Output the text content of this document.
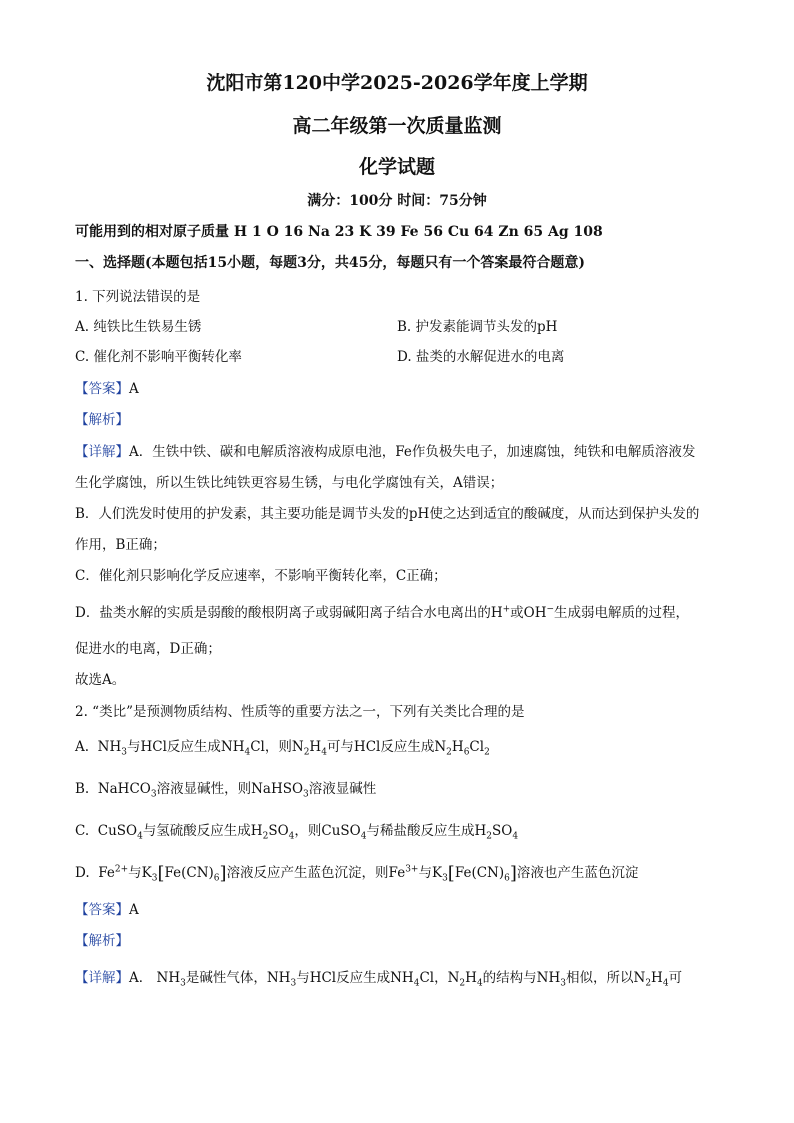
沈阳市第120中学2025-2026学年度上学期
高二年级第一次质量监测
化学试题
满分：100分 时间：75分钟
可能用到的相对原子质量 H 1 O 16 Na 23 K 39 Fe 56 Cu 64 Zn 65 Ag 108
一、选择题(本题包括15小题，每题3分，共45分，每题只有一个答案最符合题意)
1. 下列说法错误的是
A. 纯铁比生铁易生锈	B. 护发素能调节头发的pH
C. 催化剂不影响平衡转化率	D. 盐类的水解促进水的电离
【答案】A
【解析】
【详解】A．生铁中铁、碳和电解质溶液构成原电池，Fe作负极失电子，加速腐蚀，纯铁和电解质溶液发
生化学腐蚀，所以生铁比纯铁更容易生锈，与电化学腐蚀有关，A错误；
B．人们洗发时使用的护发素，其主要功能是调节头发的pH使之达到适宜的酸碱度，从而达到保护头发的
作用，B正确；
C．催化剂只影响化学反应速率，不影响平衡转化率，C正确；
D．盐类水解的实质是弱酸的酸根阴离子或弱碱阳离子结合水电离出的H+或OH−生成弱电解质的过程，
促进水的电离，D正确；
故选A。
2. “类比”是预测物质结构、性质等的重要方法之一，下列有关类比合理的是
A. $NH_3$与HCl反应生成$NH_4Cl$，则$N_2H_4$可与HCl反应生成$N_2H_6Cl_2$
B. NaHCO$_3$溶液显碱性，则NaHSO$_3$溶液显碱性
C. CuSO$_4$与氢硫酸反应生成$H_2SO_4$，则CuSO$_4$与稀盐酸反应生成$H_2SO_4$
D. $Fe^{2+}$与$K_3[Fe(CN)_6]$溶液反应产生蓝色沉淀，则$Fe^{3+}$与$K_3[Fe(CN)_6]$溶液也产生蓝色沉淀
【答案】A
【解析】
【详解】A． $NH_3$是碱性气体，$NH_3$与HCl反应生成$NH_4Cl$，$N_2H_4$的结构与$NH_3$相似，所以$N_2H_4$可
